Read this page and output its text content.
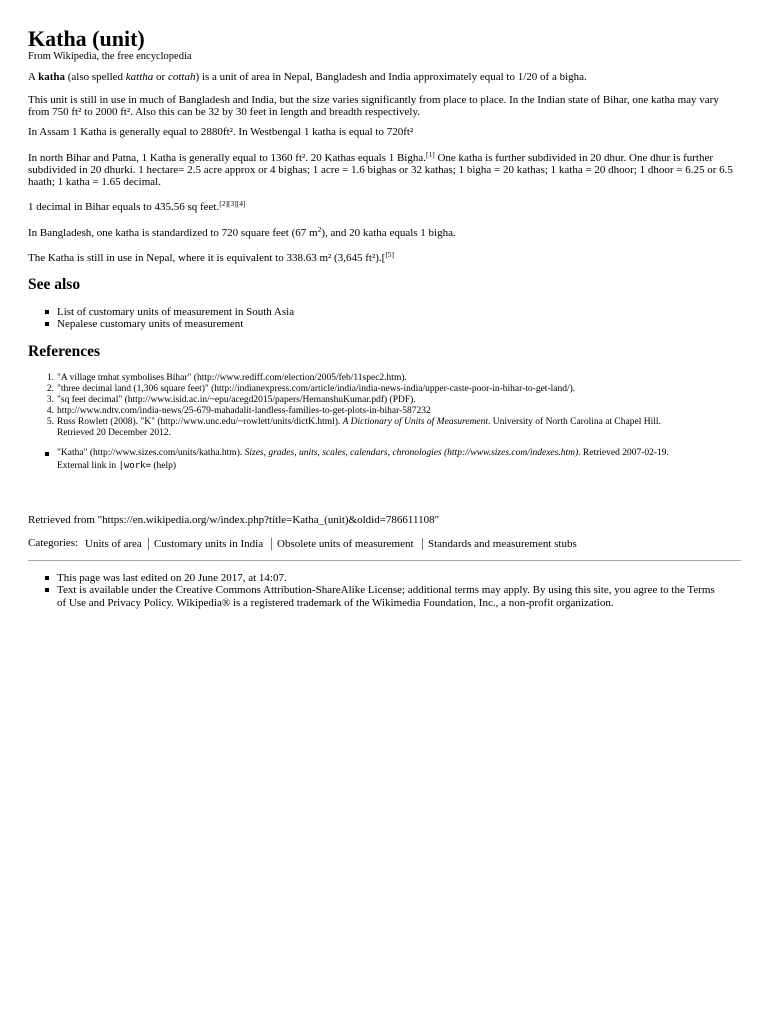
Katha (unit)
From Wikipedia, the free encyclopedia
A katha (also spelled kattha or cottah) is a unit of area in Nepal, Bangladesh and India approximately equal to 1/20 of a bigha.
This unit is still in use in much of Bangladesh and India, but the size varies significantly from place to place. In the Indian state of Bihar, one katha may vary from 750 ft² to 2000 ft². Also this can be 32 by 30 feet in length and breadth respectively.
In Assam 1 Katha is generally equal to 2880ft². In Westbengal 1 katha is equal to 720ft²
In north Bihar and Patna, 1 Katha is generally equal to 1360 ft². 20 Kathas equals 1 Bigha.[1] One katha is further subdivided in 20 dhur. One dhur is further subdivided in 20 dhurki. 1 hectare= 2.5 acre approx or 4 bighas; 1 acre = 1.6 bighas or 32 kathas; 1 bigha = 20 kathas; 1 katha = 20 dhoor; 1 dhoor = 6.25 or 6.5 haath; 1 katha = 1.65 decimal.
1 decimal in Bihar equals to 435.56 sq feet.[2][3][4]
In Bangladesh, one katha is standardized to 720 square feet (67 $m^2$), and 20 katha equals 1 bigha.
The Katha is still in use in Nepal, where it is equivalent to 338.63 m² (3,645 ft²).[[5]
See also
List of customary units of measurement in South Asia
Nepalese customary units of measurement
References
1. "A village tmhat symbolises Bihar" (http://www.rediff.com/election/2005/feb/11spec2.htm).
2. "three decimal land (1,306 square feet)" (http://indianexpress.com/article/india/india-news-india/upper-caste-poor-in-bihar-to-get-land/).
3. "sq feet decimal" (http://www.isid.ac.in/~epu/acegd2015/papers/HemanshuKumar.pdf) (PDF).
4. http://www.ndtv.com/india-news/25-679-mahadalit-landless-families-to-get-plots-in-bihar-587232
5. Russ Rowlett (2008). "K" (http://www.unc.edu/~rowlett/units/dictK.html). A Dictionary of Units of Measurement. University of North Carolina at Chapel Hill.
Retrieved 20 December 2012.
"Katha" (http://www.sizes.com/units/katha.htm). Sizes, grades, units, scales, calendars, chronologies (http://www.sizes.com/indexes.htm). Retrieved 2007-02-19.
External link in |work= (help)
Retrieved from "https://en.wikipedia.org/w/index.php?title=Katha_(unit)&oldid=786611108"
Categories: Units of area Customary units in India Obsolete units of measurement Standards and measurement stubs
This page was last edited on 20 June 2017, at 14:07.
Text is available under the Creative Commons Attribution-ShareAlike License; additional terms may apply. By using this site, you agree to the Terms
of Use and Privacy Policy. Wikipedia® is a registered trademark of the Wikimedia Foundation, Inc., a non-profit organization.
